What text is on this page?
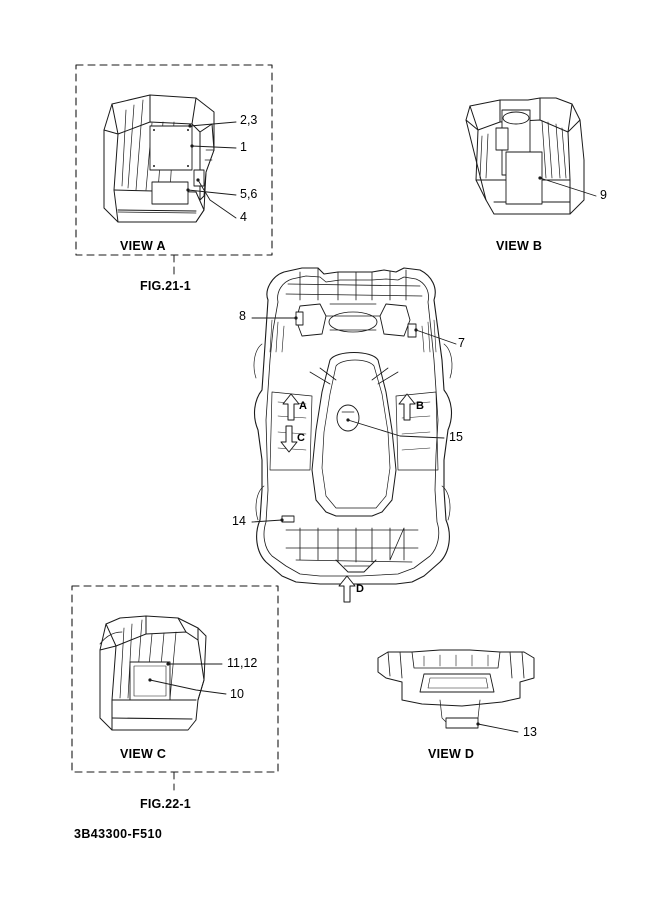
2,3
1
5,6
4
9
8
7
15
14
11,12
10
13
VIEW A	VIEW B
VIEW C	VIEW D
FIG.21-1
FIG.22-1
3B43300-F510
A	B
C
D
